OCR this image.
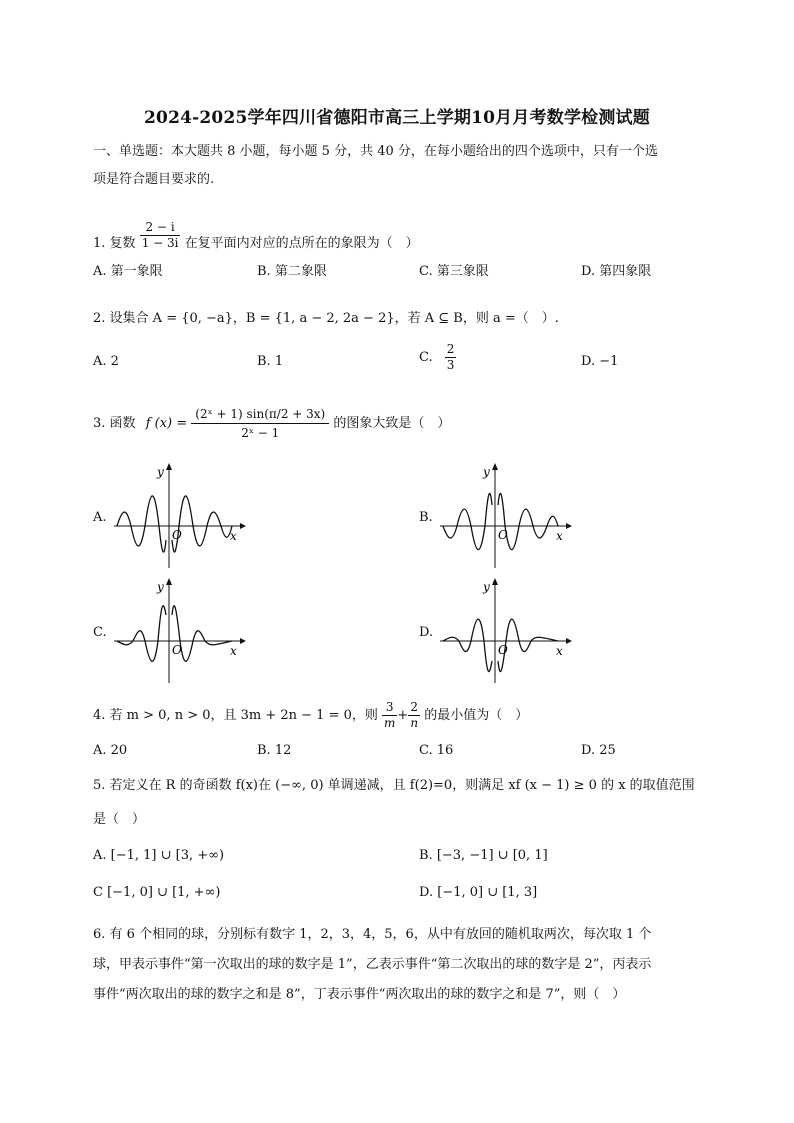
2024-2025学年四川省德阳市高三上学期10月月考数学检测试题
一、单选题：本大题共 8 小题，每小题 5 分，共 40 分，在每小题给出的四个选项中，只有一个选
项是符合题目要求的.
1. 复数 $\frac{2 - i}{1 - 3i}$ 在复平面内对应的点所在的象限为（　）
A. 第一象限	B. 第二象限	C. 第三象限	D. 第四象限
2. 设集合 A = {0, −a}，B = {1, a − 2, 2a − 2}，若 A ⊆ B，则 a =（　）.
A. 2	B. 1	C. $\frac{2}{3}$	D. −1
3. 函数 f $(x) = \frac{\text{(2ˣ + 1) sin(π/2 + 3x)}}{\text{2ˣ − 1}}$ 的图象大致是（　）
A.
y
x
O
B.
y
x
O
C.
y
x
O
D.
y
x
O
4. 若 m > 0, n > 0，且 3m + 2n − 1 = 0，则 $\frac{3}{m} + \frac{2}{n}$ 的最小值为（　）
A. 20	B. 12	C. 16	D. 25
5. 若定义在 R 的奇函数 f(x)在 (−∞, 0) 单调递减，且 f(2)=0，则满足 xf (x − 1) ≥ 0 的 x 的取值范围
是（　）
A. [−1, 1] ∪ [3, +∞)	B. [−3, −1] ∪ [0, 1]
C [−1, 0] ∪ [1, +∞)	D. [−1, 0] ∪ [1, 3]
6. 有 6 个相同的球，分别标有数字 1，2，3，4，5，6，从中有放回的随机取两次，每次取 1 个
球，甲表示事件“第一次取出的球的数字是 1”，乙表示事件“第二次取出的球的数字是 2”，丙表示
事件“两次取出的球的数字之和是 8”，丁表示事件“两次取出的球的数字之和是 7”，则（　）
